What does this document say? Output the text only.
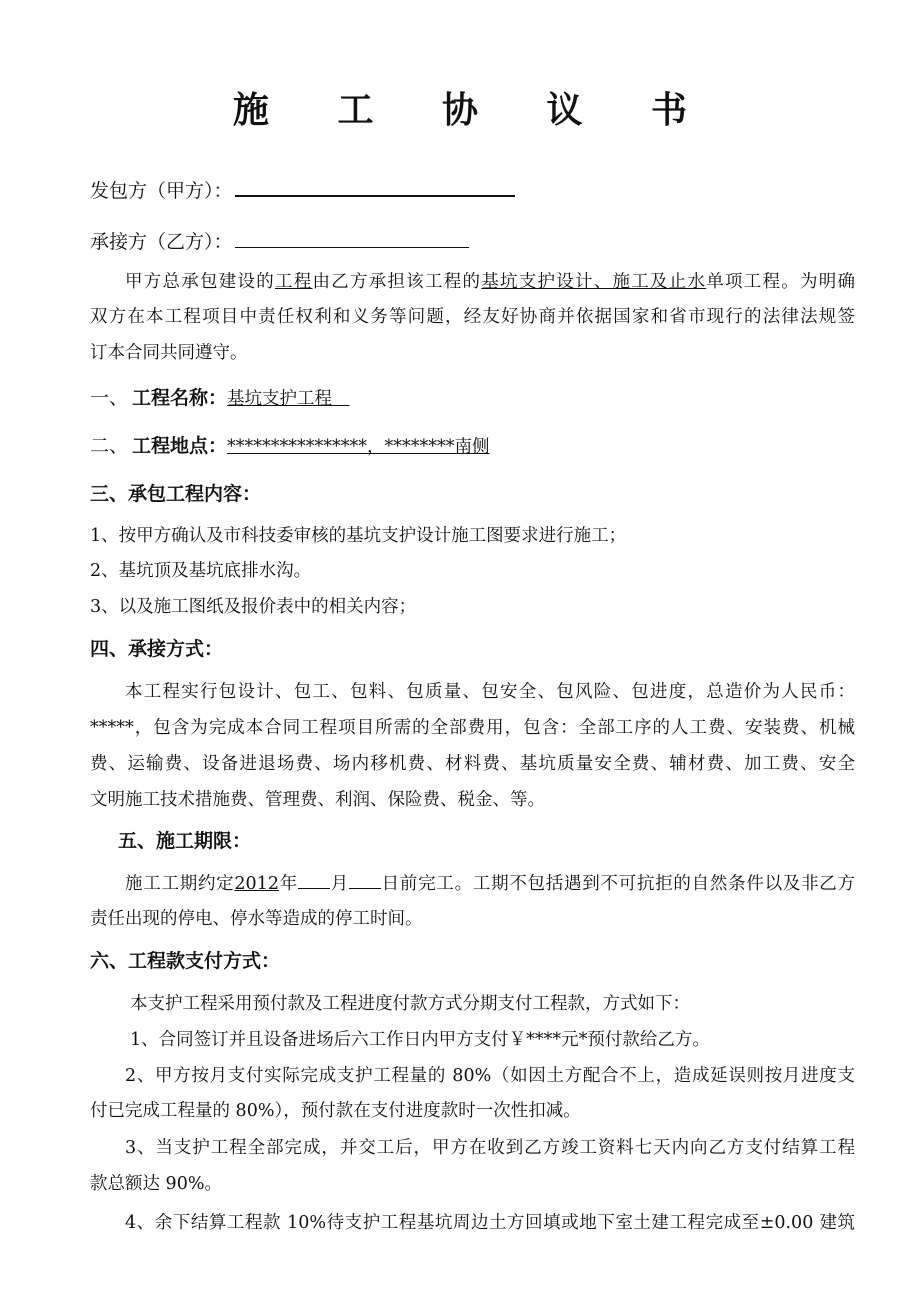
施 工 协 议 书
发包方（甲方）：
承接方（乙方）：
甲方总承包建设的工程由乙方承担该工程的基坑支护设计、施工及止水单项工程。为明确
双方在本工程项目中责任权利和义务等问题，经友好协商并依据国家和省市现行的法律法规签
订本合同共同遵守。
一、 工程名称：基坑支护工程　
二、 工程地点：****************，********南侧
三、承包工程内容：
1、按甲方确认及市科技委审核的基坑支护设计施工图要求进行施工；
2、基坑顶及基坑底排水沟。
3、以及施工图纸及报价表中的相关内容；
四、承接方式：
本工程实行包设计、包工、包料、包质量、包安全、包风险、包进度，总造价为人民币：
*****，包含为完成本合同工程项目所需的全部费用，包含：全部工序的人工费、安装费、机械
费、运输费、设备进退场费、场内移机费、材料费、基坑质量安全费、辅材费、加工费、安全
文明施工技术措施费、管理费、利润、保险费、税金、等。
五、施工期限：
施工工期约定2012年 月 日前完工。工期不包括遇到不可抗拒的自然条件以及非乙方
责任出现的停电、停水等造成的停工时间。
六、工程款支付方式：
本支护工程采用预付款及工程进度付款方式分期支付工程款，方式如下：
1、合同签订并且设备进场后六工作日内甲方支付￥****元*预付款给乙方。
2、甲方按月支付实际完成支护工程量的 80%（如因土方配合不上，造成延误则按月进度支
付已完成工程量的 80%），预付款在支付进度款时一次性扣减。
3、当支护工程全部完成，并交工后，甲方在收到乙方竣工资料七天内向乙方支付结算工程
款总额达 90%。
4、余下结算工程款 10%待支护工程基坑周边土方回填或地下室土建工程完成至±0.00 建筑
